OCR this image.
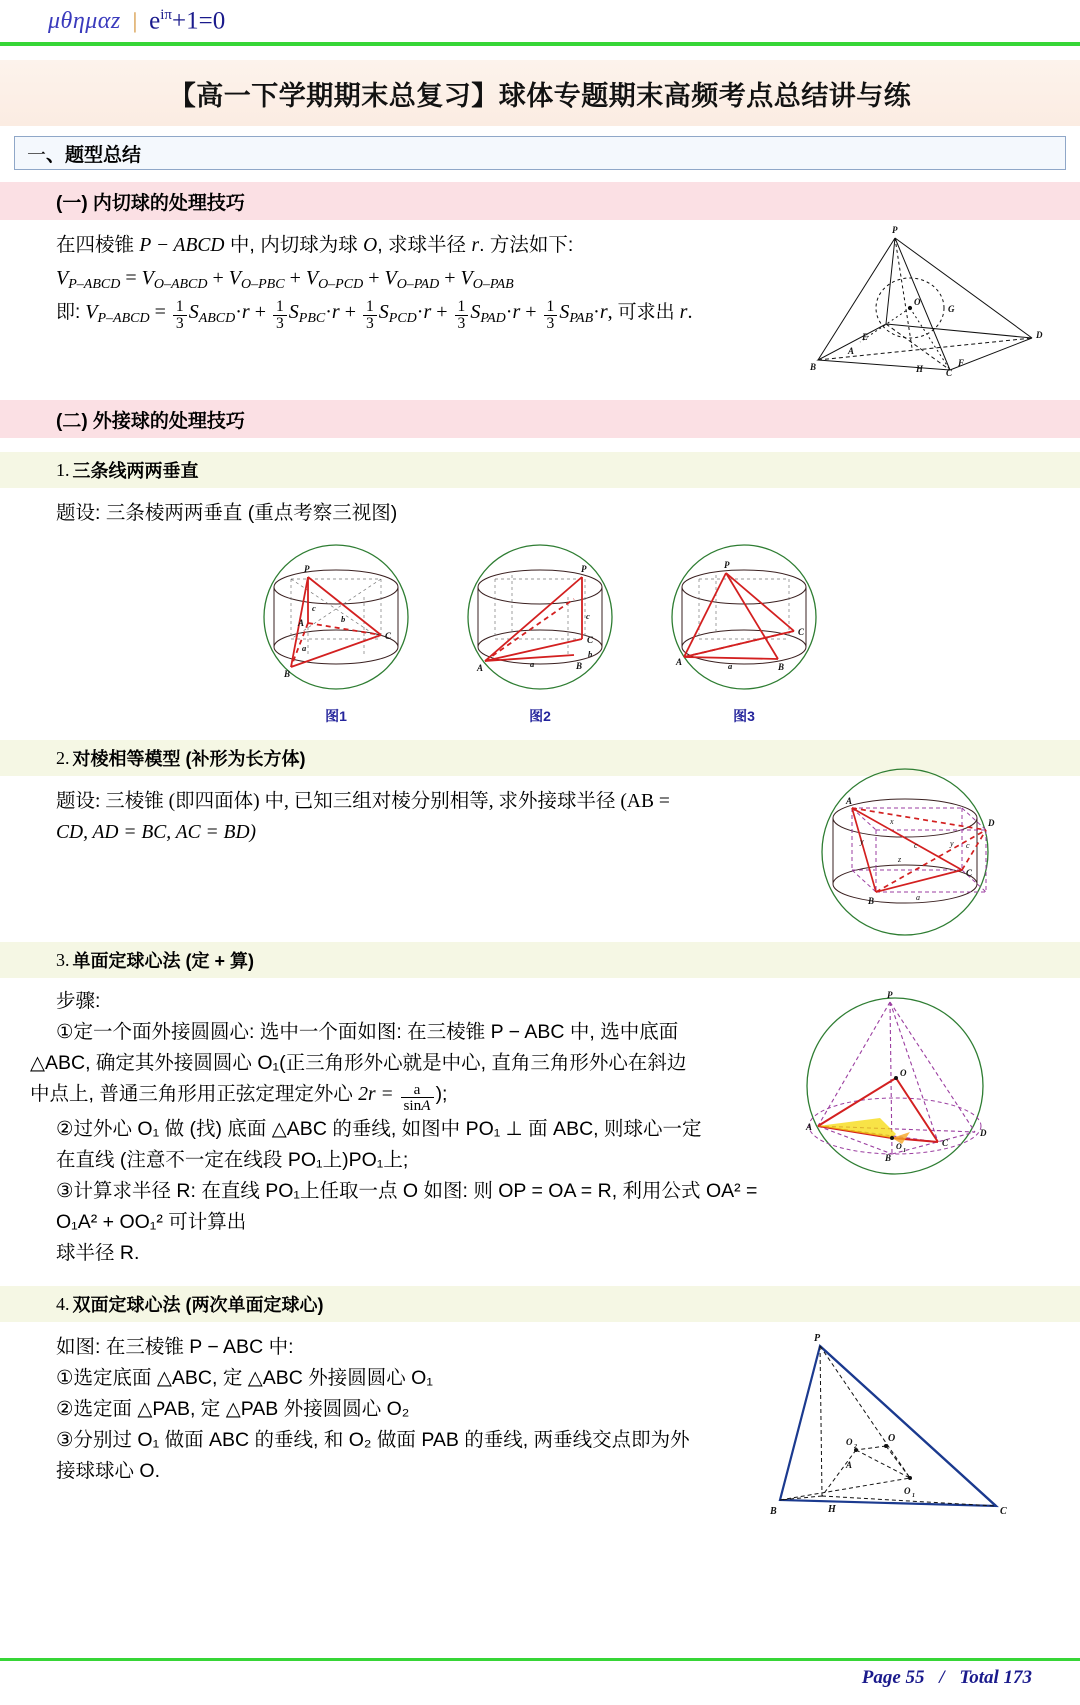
μθημαz | $e^{i\pi}+1=0$
【高一下学期期末总复习】球体专题期末高频考点总结讲与练
一、题型总结
(一) 内切球的处理技巧
在四棱锥 P − ABCD 中, 内切球为球 O, 求球半径 r. 方法如下:
$V_{P-ABCD} = V_{O-ABCD} + V_{O-PBC} + V_{O-PCD} + V_{O-PAD} + V_{O-PAB}$
即: $V_{P-ABCD} = \frac{1}{3} S_{ABCD}\cdot r + \frac{1}{3} S_{PBC}\cdot r + \frac{1}{3} S_{PCD}\cdot r + \frac{1}{3} S_{PAD}\cdot r + \frac{1}{3} S_{PAB}\cdot r$, 可求出 r.
P
O
G
E
A
D
B	H
F
C
(二) 外接球的处理技巧
1. 三条线两两垂直
题设: 三条棱两两垂直 (重点考察三视图)
P
A
B
C
c
b
a
图1
P
A	B
C
c
b
a
图2
P
A	B
C
a
图3
2. 对棱相等模型 (补形为长方体)
题设: 三棱锥 (即四面体) 中, 已知三组对棱分别相等, 求外接球半径 (AB =
CD, AD = BC, AC = BD)
A
B
C
D
y
z
c	y c
a
x
3. 单面定球心法 (定 + 算)
步骤:
①定一个面外接圆圆心: 选中一个面如图: 在三棱锥 P − ABC 中, 选中底面
△ABC, 确定其外接圆圆心 O₁(正三角形外心就是中心, 直角三角形外心在斜边
中点上, 普通三角形用正弦定理定外心 $2r = \frac{a}{\sin A}$ );
②过外心 O₁ 做 (找) 底面 △ABC 的垂线, 如图中 PO₁ ⊥ 面 ABC, 则球心一定
在直线 (注意不一定在线段 PO₁上)PO₁上;
③计算求半径 R: 在直线 PO₁上任取一点 O 如图: 则 OP = OA = R, 利用公式 OA² = O₁A² + OO₁² 可计算出
球半径 R.
P
O
A
B
C
D
O 1
4. 双面定球心法 (两次单面定球心)
如图: 在三棱锥 P − ABC 中:
①选定底面 △ABC, 定 △ABC 外接圆圆心 O₁
②选定面 △PAB, 定 △PAB 外接圆圆心 O₂
③分别过 O₁ 做面 ABC 的垂线, 和 O₂ 做面 PAB 的垂线, 两垂线交点即为外
接球球心 O.
P
O 2
O
A
H
O 1
B	C
Page 55 / Total 173
